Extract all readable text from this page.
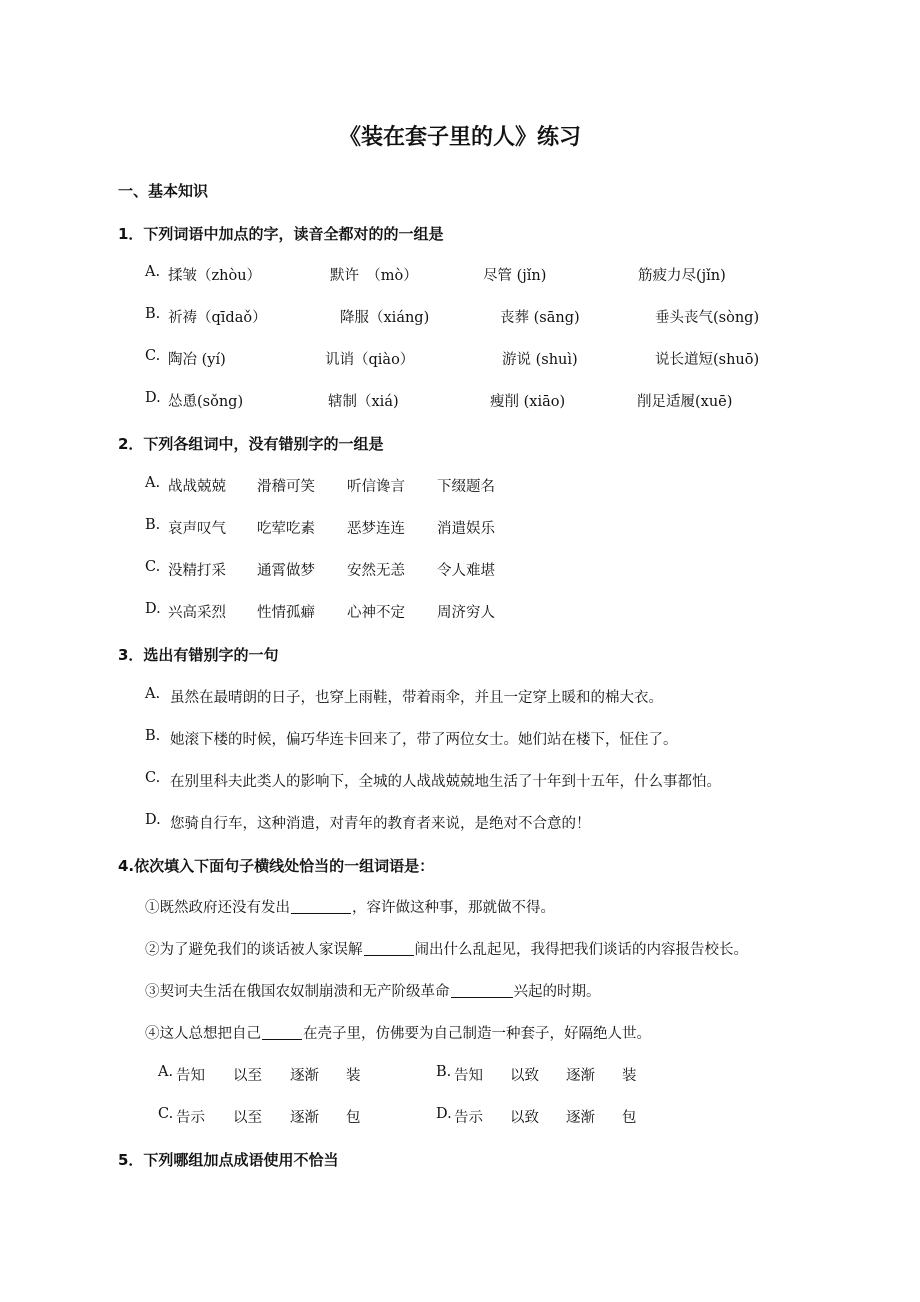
《装在套子里的人》练习
一、基本知识
1．下列词语中加点的字，读音全都对的的一组是
A. 揉皱（zhòu）	默许　（mò）	尽管 (jǐn)	筋疲力尽(jǐn)
B. 祈祷（qīdaǒ）	降服（xiáng)	丧葬 (sāng)	垂头丧气(sòng)
C. 陶冶 (yí)	讥诮（qiào）	游说 (shuì)	说长道短(shuō)
D. 怂恿(sǒng)	辖制（xiá)	瘦削 (xiāo)	削足适履(xuē)
2．下列各组词中，没有错别字的一组是
A. 战战兢兢 滑稽可笑 听信谗言 下缀题名
B. 哀声叹气 吃荤吃素 恶梦连连 消遣娱乐
C. 没精打采 通霄做梦 安然无恙 令人难堪
D. 兴高采烈 性情孤癖 心神不定 周济穷人
3．选出有错别字的一句
A. 虽然在最晴朗的日子，也穿上雨鞋，带着雨伞，并且一定穿上暖和的棉大衣。
B. 她滚下楼的时候，偏巧华连卡回来了，带了两位女士。她们站在楼下，怔住了。
C. 在别里科夫此类人的影响下，全城的人战战兢兢地生活了十年到十五年，什么事都怕。
D. 您骑自行车，这种消遣，对青年的教育者来说，是绝对不合意的！
4.依次填入下面句子横线处恰当的一组词语是：
①既然政府还没有发出	，容许做这种事，那就做不得。
②为了避免我们的谈话被人家误解	闹出什么乱起见，我得把我们谈话的内容报告校长。
③契诃夫生活在俄国农奴制崩溃和无产阶级革命	兴起的时期。
④这人总想把自己	在壳子里，仿佛要为自己制造一种套子，好隔绝人世。
A. 告知 以至 逐渐 装	B. 告知 以致 逐渐 装
C. 告示 以至 逐渐 包	D. 告示 以致 逐渐 包
5．下列哪组加点成语使用不恰当
